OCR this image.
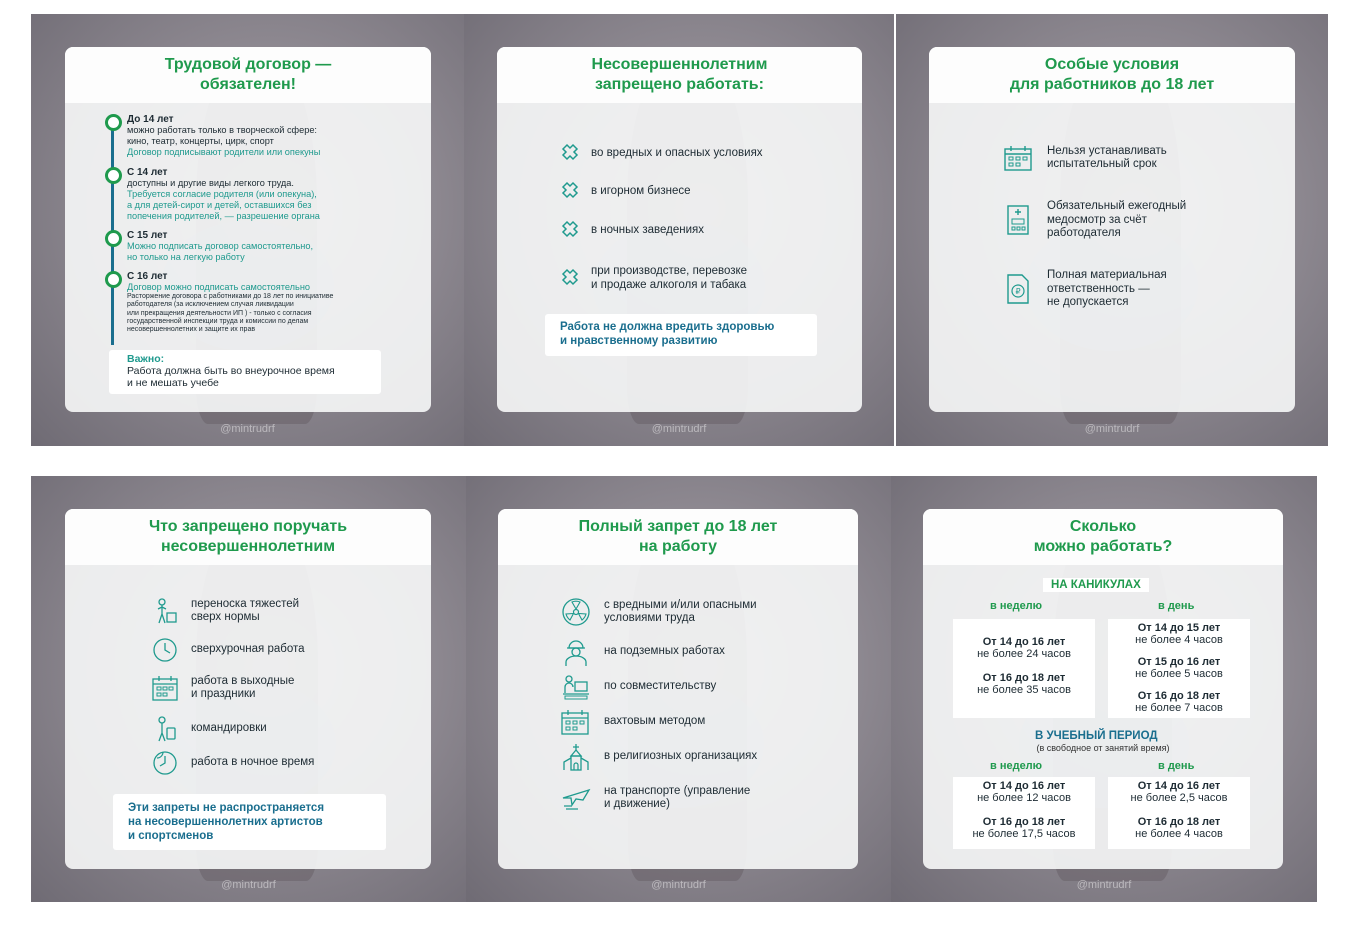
Трудовой договор —
обязателен!
До 14 лет
можно работать только в творческой сфере:
кино, театр, концерты, цирк, спорт
Договор подписывают родители или опекуны
С 14 лет
доступны и другие виды легкого труда.
Требуется согласие родителя (или опекуна),
а для детей-сирот и детей, оставшихся без
попечения родителей, — разрешение органа
С 15 лет
Можно подписать договор самостоятельно,
но только на легкую работу
С 16 лет
Договор можно подписать самостоятельно
Расторжение договора с работниками до 18 лет по инициативе
работодателя (за исключением случая ликвидации
или прекращения деятельности ИП ) - только с согласия
государственной инспекции труда и комиссии по делам
несовершеннолетних и защите их прав
Важно:
Работа должна быть во внеурочное время
и не мешать учебе
@mintrudrf
Несовершеннолетним
запрещено работать:
во вредных и опасных условиях
в игорном бизнесе
в ночных заведениях
при производстве, перевозке
и продаже алкоголя и табака
Работа не должна вредить здоровью
и нравственному развитию
@mintrudrf
Особые условия
для работников до 18 лет
Нельзя устанавливать
испытательный срок
Обязательный ежегодный
медосмотр за счёт
работодателя
₽
Полная материальная
ответственность —
не допускается
@mintrudrf
Что запрещено поручать
несовершеннолетним
переноска тяжестей
сверх нормы
сверхурочная работа
работа в выходные
и праздники
командировки
работа в ночное время
Эти запреты не распространяется
на несовершеннолетних артистов
и спортсменов
@mintrudrf
Полный запрет до 18 лет
на работу
с вредными и/или опасными
условиями труда
на подземных работах
по совместительству
вахтовым методом
в религиозных организациях
на транспорте (управление
и движение)
@mintrudrf
Сколько
можно работать?
НА КАНИКУЛАХ
в неделю	в день
От 14 до 16 лет
не более 24 часов
От 16 до 18 лет
не более 35 часов
От 14 до 15 лет
не более 4 часов
От 15 до 16 лет
не более 5 часов
От 16 до 18 лет
не более 7 часов
В УЧЕБНЫЙ ПЕРИОД
(в свободное от занятий время)
в неделю	в день
От 14 до 16 лет
не более 12 часов
От 16 до 18 лет
не более 17,5 часов
От 14 до 16 лет
не более 2,5 часов
От 16 до 18 лет
не более 4 часов
@mintrudrf
